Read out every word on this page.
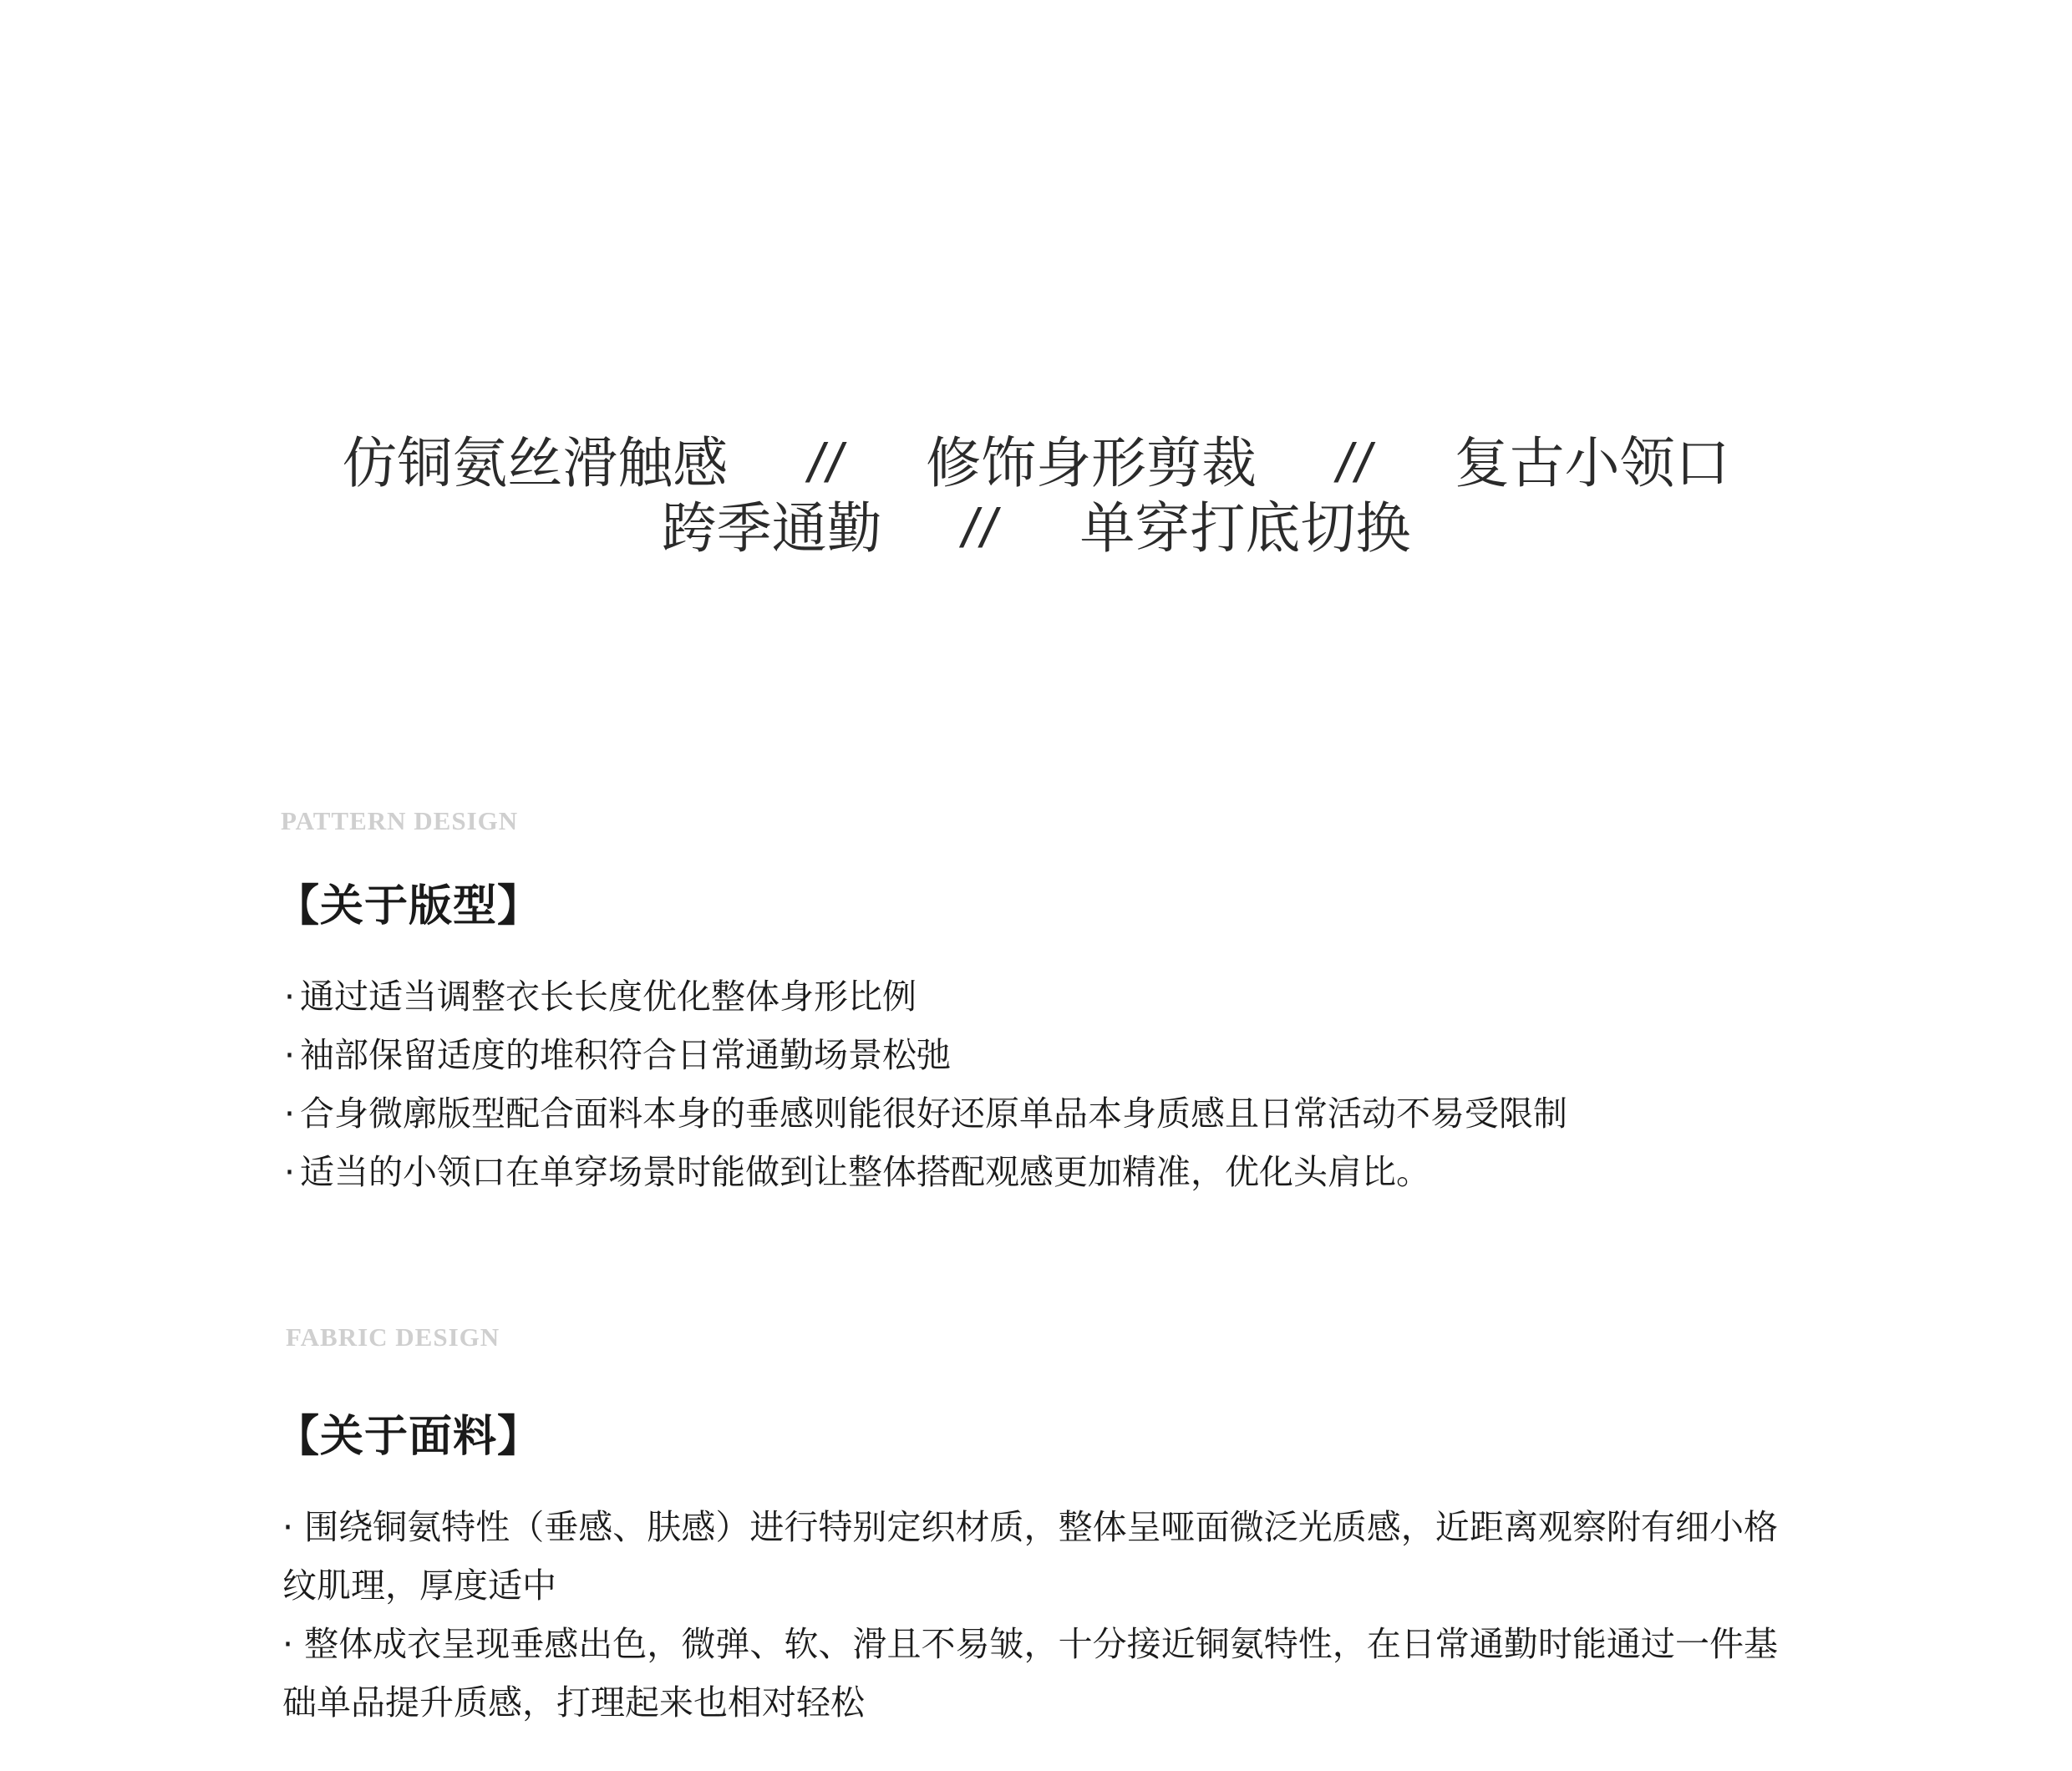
仿铜氨丝滑触感 // 修饰身形剪裁 // 复古小领口
跨季通勤 // 单穿打底切换
PATTERN DESIGN
【关于版型】
· 通过适当调整衣长长度优化整体身形比例
· 袖部保留适度的堆积符合日常通勤场景松弛
· 合身微廓版型配合面料本身的垂感则能很好还原单品本身质感且日常活动不易受限制
· 适当的小领口在单穿场景时能做到让整体搭配观感更加精准，优化头肩比。
FABRIC DESIGN
【关于面料】

· 围绕铜氨特性（垂感、肤感）进行特别定织材质，整体呈哑面微泛光质感，近距离观察附有细小格纹肌理，厚度适中

· 整体成衣呈现垂感出色，微弹、软、滑且不易皱，十分接近铜氨特性，在日常通勤时能通过一件基础单品提升质感，打理起来也相对轻松
